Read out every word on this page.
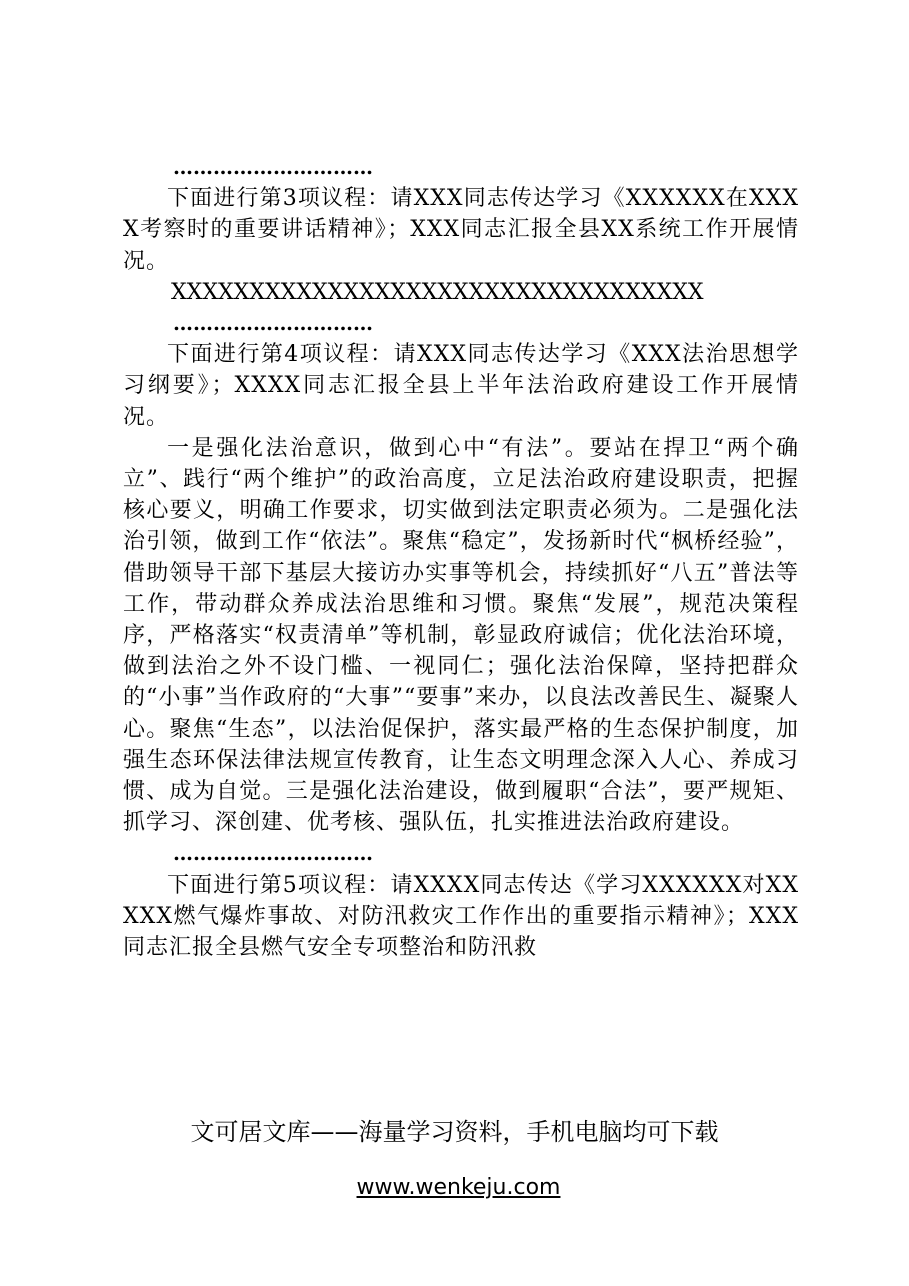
…………………………

下面进行第3项议程：请XXX同志传达学习《XXXXXX在XXXX考察时的重要讲话精神》；XXX同志汇报全县XX系统工作开展情况。

XXXXXXXXXXXXXXXXXXXXXXXXXXXXXXXXXX

…………………………

下面进行第4项议程：请XXX同志传达学习《XXX法治思想学习纲要》；XXXX同志汇报全县上半年法治政府建设工作开展情况。

一是强化法治意识，做到心中“有法”。要站在捍卫“两个确立”、践行“两个维护”的政治高度，立足法治政府建设职责，把握核心要义，明确工作要求，切实做到法定职责必须为。二是强化法治引领，做到工作“依法”。聚焦“稳定”，发扬新时代“枫桥经验”，借助领导干部下基层大接访办实事等机会，持续抓好“八五”普法等工作，带动群众养成法治思维和习惯。聚焦“发展”，规范决策程序，严格落实“权责清单”等机制，彰显政府诚信；优化法治环境，做到法治之外不设门槛、一视同仁；强化法治保障，坚持把群众的“小事”当作政府的“大事”“要事”来办，以良法改善民生、凝聚人心。聚焦“生态”，以法治促保护，落实最严格的生态保护制度，加强生态环保法律法规宣传教育，让生态文明理念深入人心、养成习惯、成为自觉。三是强化法治建设，做到履职“合法”，要严规矩、抓学习、深创建、优考核、强队伍，扎实推进法治政府建设。

…………………………

下面进行第5项议程：请XXXX同志传达《学习XXXXXX对XXXXX燃气爆炸事故、对防汛救灾工作作出的重要指示精神》；XXX同志汇报全县燃气安全专项整治和防汛救

文可居文库——海量学习资料，手机电脑均可下载

www.wenkeju.com
